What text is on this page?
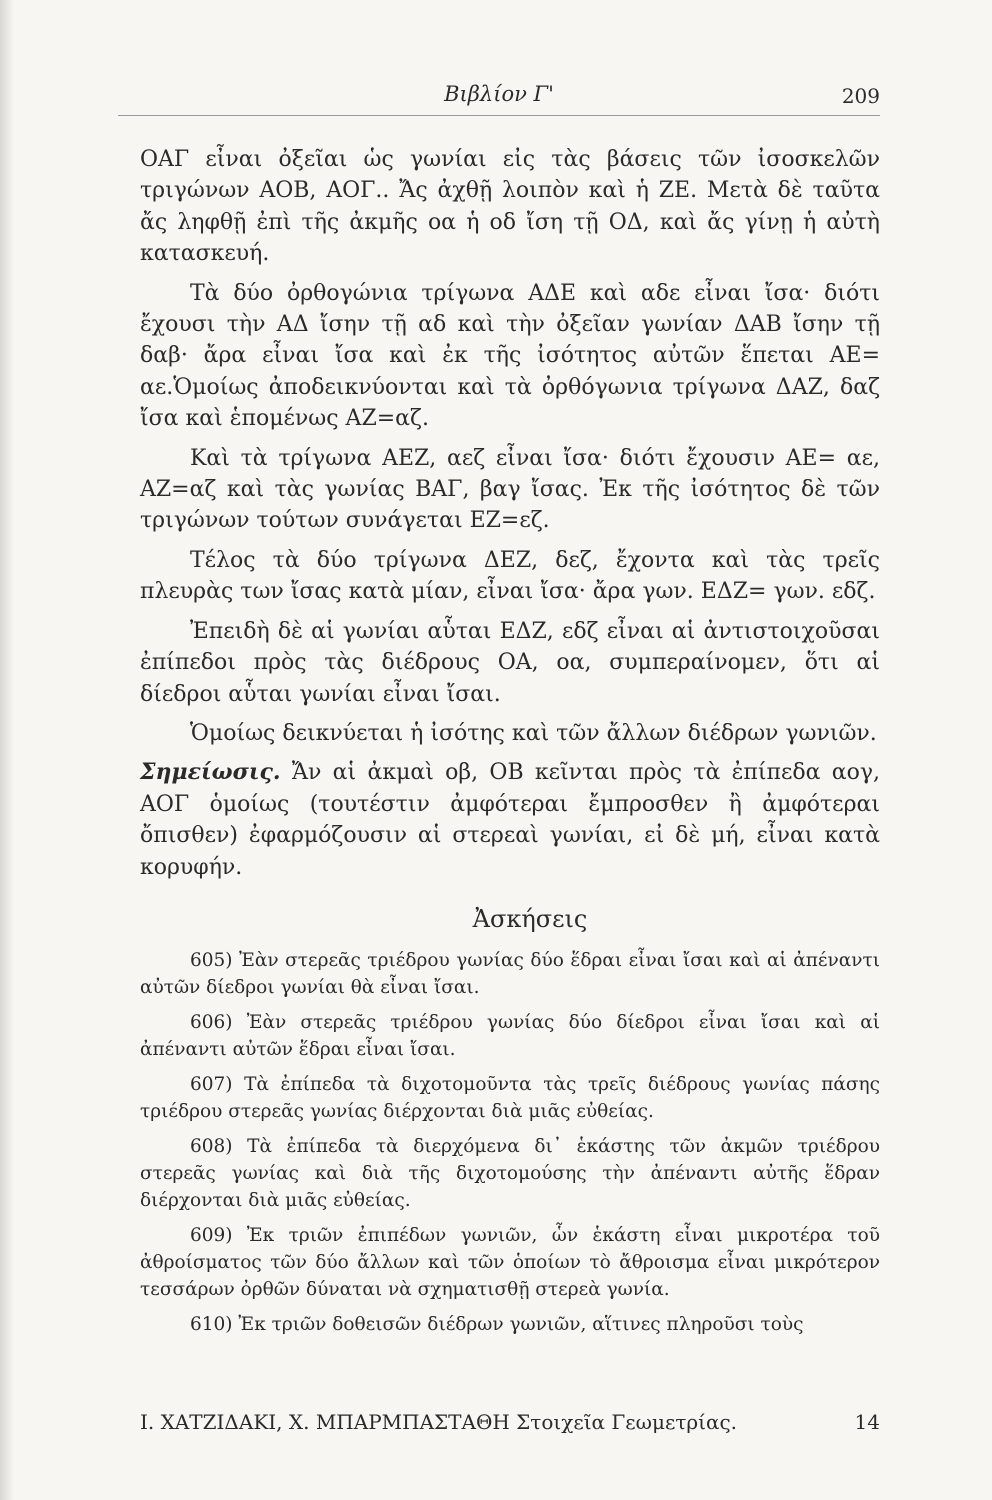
Βιβλίον Γ'	209

ΟΑΓ εἶναι ὀξεῖαι ὡς γωνίαι εἰς τὰς βάσεις τῶν ἰσοσκελῶν τριγώνων ΑΟΒ, ΑΟΓ.. Ἄς ἀχθῇ λοιπὸν καὶ ἡ ΖΕ. Μετὰ δὲ ταῦτα ἄς ληφθῇ ἐπὶ τῆς ἀκμῆς οα ἡ οδ ἴση τῇ ΟΔ, καὶ ἄς γίνῃ ἡ αὐτὴ κατασκευή.

Τὰ δύο ὀρθογώνια τρίγωνα ΑΔΕ καὶ αδε εἶναι ἴσα· διότι ἔχουσι τὴν ΑΔ ἴσην τῇ αδ καὶ τὴν ὀξεῖαν γωνίαν ΔΑΒ ἴσην τῇ δαβ· ἄρα εἶναι ἴσα καὶ ἐκ τῆς ἰσότητος αὐτῶν ἕπεται ΑΕ= αε.Ὁμοίως ἀποδεικνύονται καὶ τὰ ὀρθόγωνια τρίγωνα ΔΑΖ, δαζ ἴσα καὶ ἑπομένως ΑΖ=αζ.

Καὶ τὰ τρίγωνα ΑΕΖ, αεζ εἶναι ἴσα· διότι ἔχουσιν ΑΕ= αε, ΑΖ=αζ καὶ τὰς γωνίας ΒΑΓ, βαγ ἴσας. Ἐκ τῆς ἰσότητος δὲ τῶν τριγώνων τούτων συνάγεται ΕΖ=εζ.

Τέλος τὰ δύο τρίγωνα ΔΕΖ, δεζ, ἔχοντα καὶ τὰς τρεῖς πλευρὰς των ἴσας κατὰ μίαν, εἶναι ἴσα· ἄρα γων. ΕΔΖ= γων. εδζ.

Ἐπειδὴ δὲ αἱ γωνίαι αὗται ΕΔΖ, εδζ εἶναι αἱ ἀντιστοιχοῦσαι ἐπίπεδοι πρὸς τὰς διέδρους ΟΑ, οα, συμπεραίνομεν, ὅτι αἱ δίεδροι αὗται γωνίαι εἶναι ἴσαι.

Ὁμοίως δεικνύεται ἡ ἰσότης καὶ τῶν ἄλλων διέδρων γωνιῶν.

Σημείωσις. Ἄν αἱ ἀκμαὶ οβ, ΟΒ κεῖνται πρὸς τὰ ἐπίπεδα αογ, ΑΟΓ ὁμοίως (τουτέστιν ἀμφότεραι ἔμπροσθεν ἢ ἀμφότεραι ὄπισθεν) ἐφαρμόζουσιν αἱ στερεαὶ γωνίαι, εἰ δὲ μή, εἶναι κατὰ κορυφήν.

Ἀσκήσεις

605) Ἐὰν στερεᾶς τριέδρου γωνίας δύο ἕδραι εἶναι ἴσαι καὶ αἱ ἀπέναντι αὐτῶν δίεδροι γωνίαι θὰ εἶναι ἴσαι.

606) Ἐὰν στερεᾶς τριέδρου γωνίας δύο δίεδροι εἶναι ἴσαι καὶ αἱ ἀπέναντι αὐτῶν ἕδραι εἶναι ἴσαι.

607) Τὰ ἐπίπεδα τὰ διχοτομοῦντα τὰς τρεῖς διέδρους γωνίας πάσης τριέδρου στερεᾶς γωνίας διέρχονται διὰ μιᾶς εὐθείας.

608) Τὰ ἐπίπεδα τὰ διερχόμενα δι᾽ ἑκάστης τῶν ἀκμῶν τριέδρου στερεᾶς γωνίας καὶ διὰ τῆς διχοτομούσης τὴν ἀπέναντι αὐτῆς ἕδραν διέρχονται διὰ μιᾶς εὐθείας.

609) Ἐκ τριῶν ἐπιπέδων γωνιῶν, ὧν ἑκάστη εἶναι μικροτέρα τοῦ ἀθροίσματος τῶν δύο ἄλλων καὶ τῶν ὁποίων τὸ ἄθροισμα εἶναι μικρότερον τεσσάρων ὀρθῶν δύναται νὰ σχηματισθῇ στερεὰ γωνία.

610) Ἐκ τριῶν δοθεισῶν διέδρων γωνιῶν, αἵτινες πληροῦσι τοὺς

Ι. ΧΑΤΖΙΔΑΚΙ, Χ. ΜΠΑΡΜΠΑΣΤΑΘΗ Στοιχεῖα Γεωμετρίας.	14
